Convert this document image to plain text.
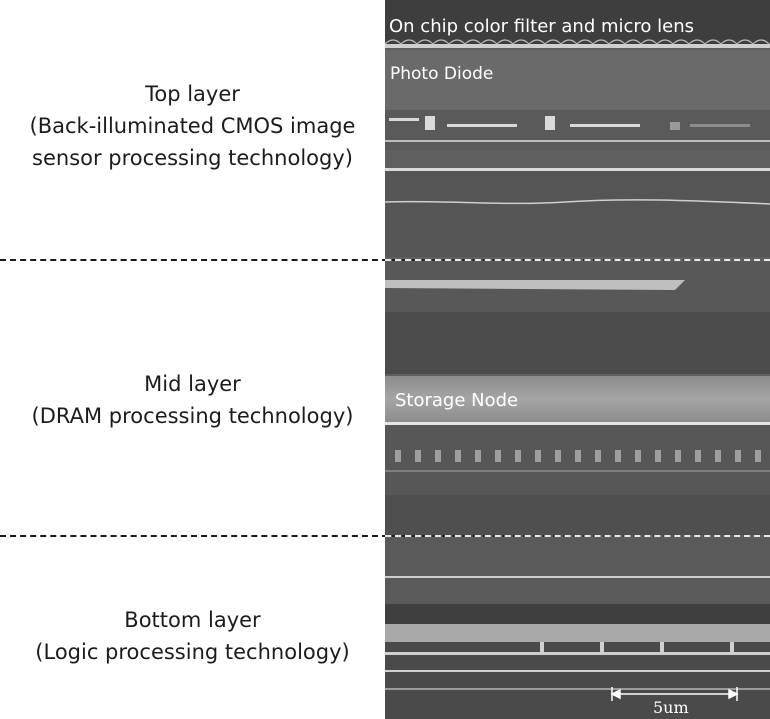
Top layer
(Back-illuminated CMOS image
sensor processing technology)
Mid layer
(DRAM processing technology)
Bottom layer
(Logic processing technology)
On chip color filter and micro lens
Photo Diode
Storage Node
5um
